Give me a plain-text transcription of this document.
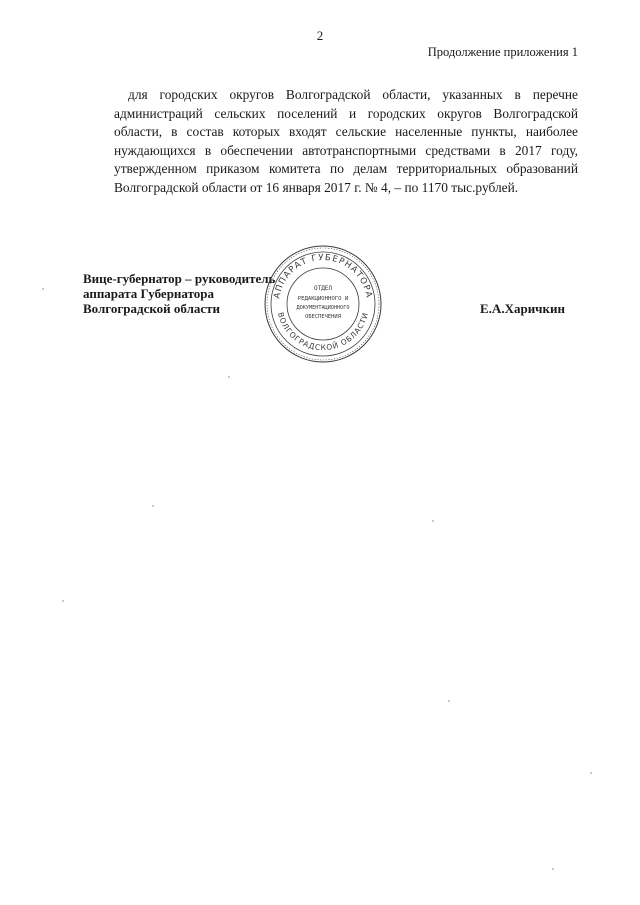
2
Продолжение приложения 1

для городских округов Волгоградской области, указанных в перечне администраций сельских поселений и городских округов Волгоградской области, в состав которых входят сельские населенные пункты, наиболее нуждающихся в обеспечении автотранспортными средствами в 2017 году, утвержденном приказом комитета по делам территориальных образований Волгоградской области от 16 января 2017 г. № 4, – по 1170 тыс.рублей.

Вице-губернатор – руководитель
аппарата Губернатора
Волгоградской области	Е.А.Харичкин
АППАРАТ ГУБЕРНАТОРА
ВОЛГОГРАДСКОЙ ОБЛАСТИ
ОТДЕЛ
РЕДАКЦИОННОГО И
ДОКУМЕНТАЦИОННОГО
ОБЕСПЕЧЕНИЯ
